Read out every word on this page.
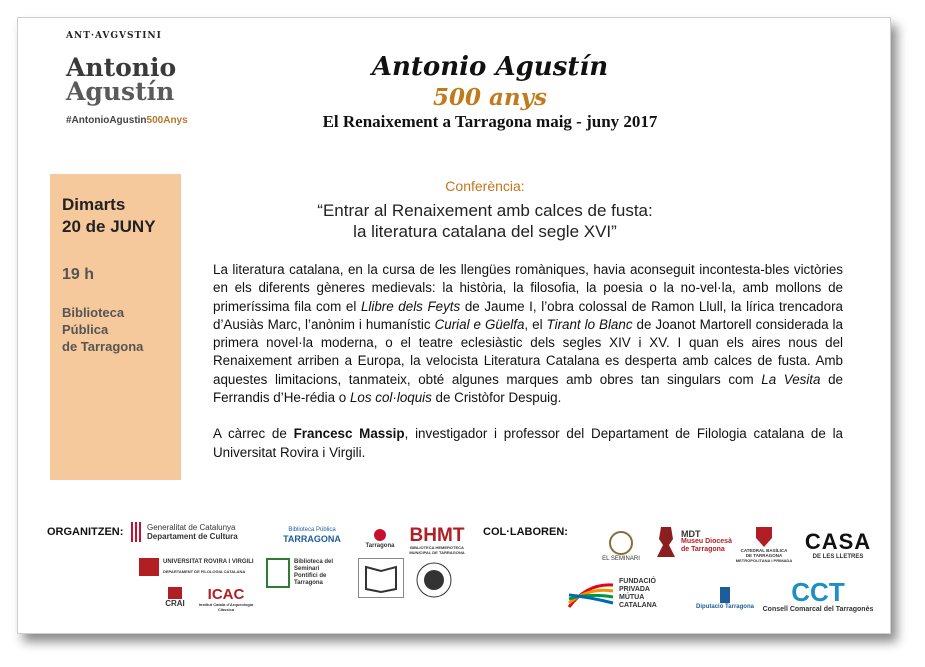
ANT·AVGVSTINI
Antonio
Agustín
#AntonioAgustin500Anys
Antonio Agustín
500 anys
El Renaixement a Tarragona maig - juny 2017
Dimarts
20 de JUNY
19 h
Biblioteca
Pública
de Tarragona
Conferència:
“Entrar al Renaixement amb calces de fusta:
la literatura catalana del segle XVI”

La literatura catalana, en la cursa de les llengües romàniques, havia aconseguit incontesta-bles victòries en els diferents gèneres medievals: la història, la filosofia, la poesia o la no-vel·la, amb mollons de primeríssima fila com el Llibre dels Feyts de Jaume I, l’obra colossal de Ramon Llull, la lírica trencadora d’Ausiàs Marc, l’anònim i humanístic Curial e Güelfa, el Tirant lo Blanc de Joanot Martorell considerada la primera novel·la moderna, o el teatre eclesiàstic dels segles XIV i XV. I quan els aires nous del Renaixement arriben a Europa, la velocista Literatura Catalana es desperta amb calces de fusta. Amb aquestes limitacions, tanmateix, obté algunes marques amb obres tan singulars com La Vesita de Ferrandis d’He-rédia o Los col·loquis de Cristòfor Despuig.

A càrrec de Francesc Massip, investigador i professor del Departament de Filologia catalana de la Universitat Rovira i Virgili.

ORGANITZEN:	Generalitat de Catalunya
Departament de Cultura
Biblioteca Pública
TARRAGONA
Tarragona BHMT
BIBLIOTECA HEMEROTECA MUNICIPAL DE TARRAGONA
UNIVERSITAT ROVIRA I VIRGILI
DEPARTAMENT DE FILOLOGIA CATALANA
Biblioteca del
Seminari
Pontifici de
Tarragona
CRAI
ICAC
Institut Català d’Arqueologia Clàssica
COL·LABOREN:
EL SEMINARI
MDT
Museu Diocesà
de Tarragona	CATEDRAL BASÍLICA
DE TARRAGONA
METROPOLITANA I PRIMADA
CASA
DE LES LLETRES
FUNDACIÓ
PRIVADA
MÚTUA
CATALANA	Diputació Tarragona CCT
Consell Comarcal del Tarragonès
